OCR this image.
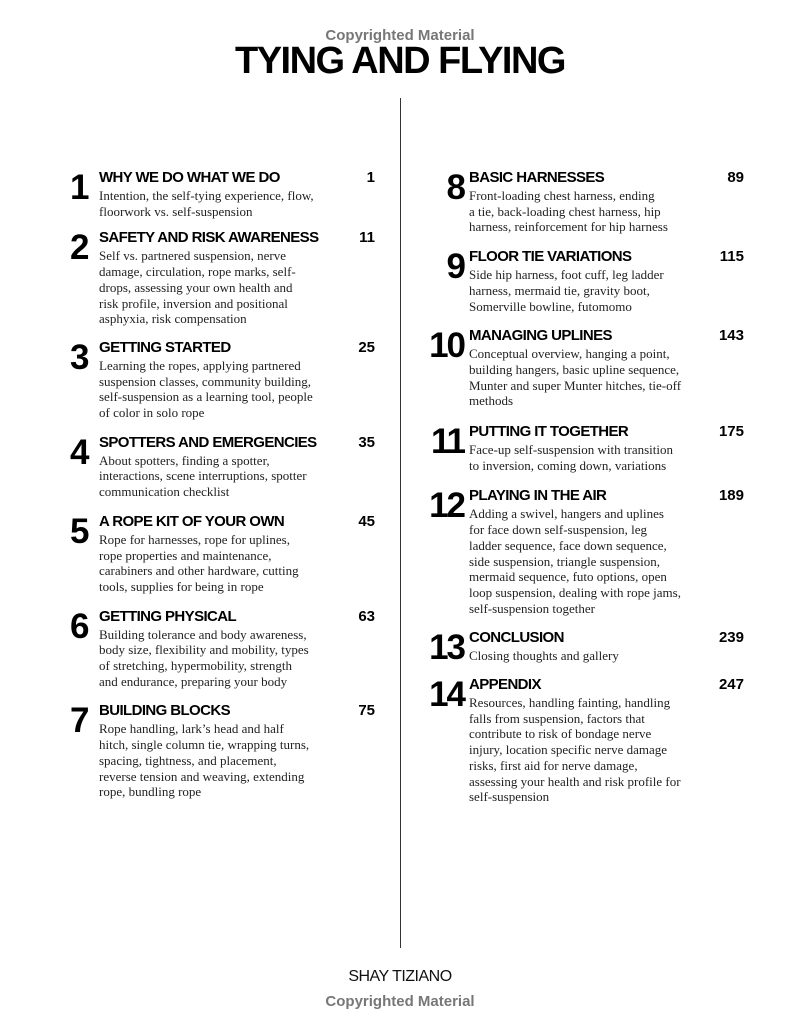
Copyrighted Material
TYING AND FLYING
1 WHY WE DO WHAT WE DO	1
Intention, the self-tying experience, flow,
floorwork vs. self-suspension
2 SAFETY AND RISK AWARENESS	11
Self vs. partnered suspension, nerve
damage, circulation, rope marks, self-
drops, assessing your own health and
risk profile, inversion and positional
asphyxia, risk compensation
3 GETTING STARTED	25
Learning the ropes, applying partnered
suspension classes, community building,
self-suspension as a learning tool, people
of color in solo rope
4 SPOTTERS AND EMERGENCIES	35
About spotters, finding a spotter,
interactions, scene interruptions, spotter
communication checklist
5 A ROPE KIT OF YOUR OWN	45
Rope for harnesses, rope for uplines,
rope properties and maintenance,
carabiners and other hardware, cutting
tools, supplies for being in rope
6 GETTING PHYSICAL	63
Building tolerance and body awareness,
body size, flexibility and mobility, types
of stretching, hypermobility, strength
and endurance, preparing your body
7 BUILDING BLOCKS	75
Rope handling, lark’s head and half
hitch, single column tie, wrapping turns,
spacing, tightness, and placement,
reverse tension and weaving, extending
rope, bundling rope
8 BASIC HARNESSES	89
Front-loading chest harness, ending
a tie, back-loading chest harness, hip
harness, reinforcement for hip harness
9 FLOOR TIE VARIATIONS	115
Side hip harness, foot cuff, leg ladder
harness, mermaid tie, gravity boot,
Somerville bowline, futomomo
10 MANAGING UPLINES	143
Conceptual overview, hanging a point,
building hangers, basic upline sequence,
Munter and super Munter hitches, tie-off
methods
11 PUTTING IT TOGETHER	175
Face-up self-suspension with transition
to inversion, coming down, variations
12 PLAYING IN THE AIR	189
Adding a swivel, hangers and uplines
for face down self-suspension, leg
ladder sequence, face down sequence,
side suspension, triangle suspension,
mermaid sequence, futo options, open
loop suspension, dealing with rope jams,
self-suspension together
13 CONCLUSION	239
Closing thoughts and gallery
14 APPENDIX	247
Resources, handling fainting, handling
falls from suspension, factors that
contribute to risk of bondage nerve
injury, location specific nerve damage
risks, first aid for nerve damage,
assessing your health and risk profile for
self-suspension
SHAY TIZIANO
Copyrighted Material
